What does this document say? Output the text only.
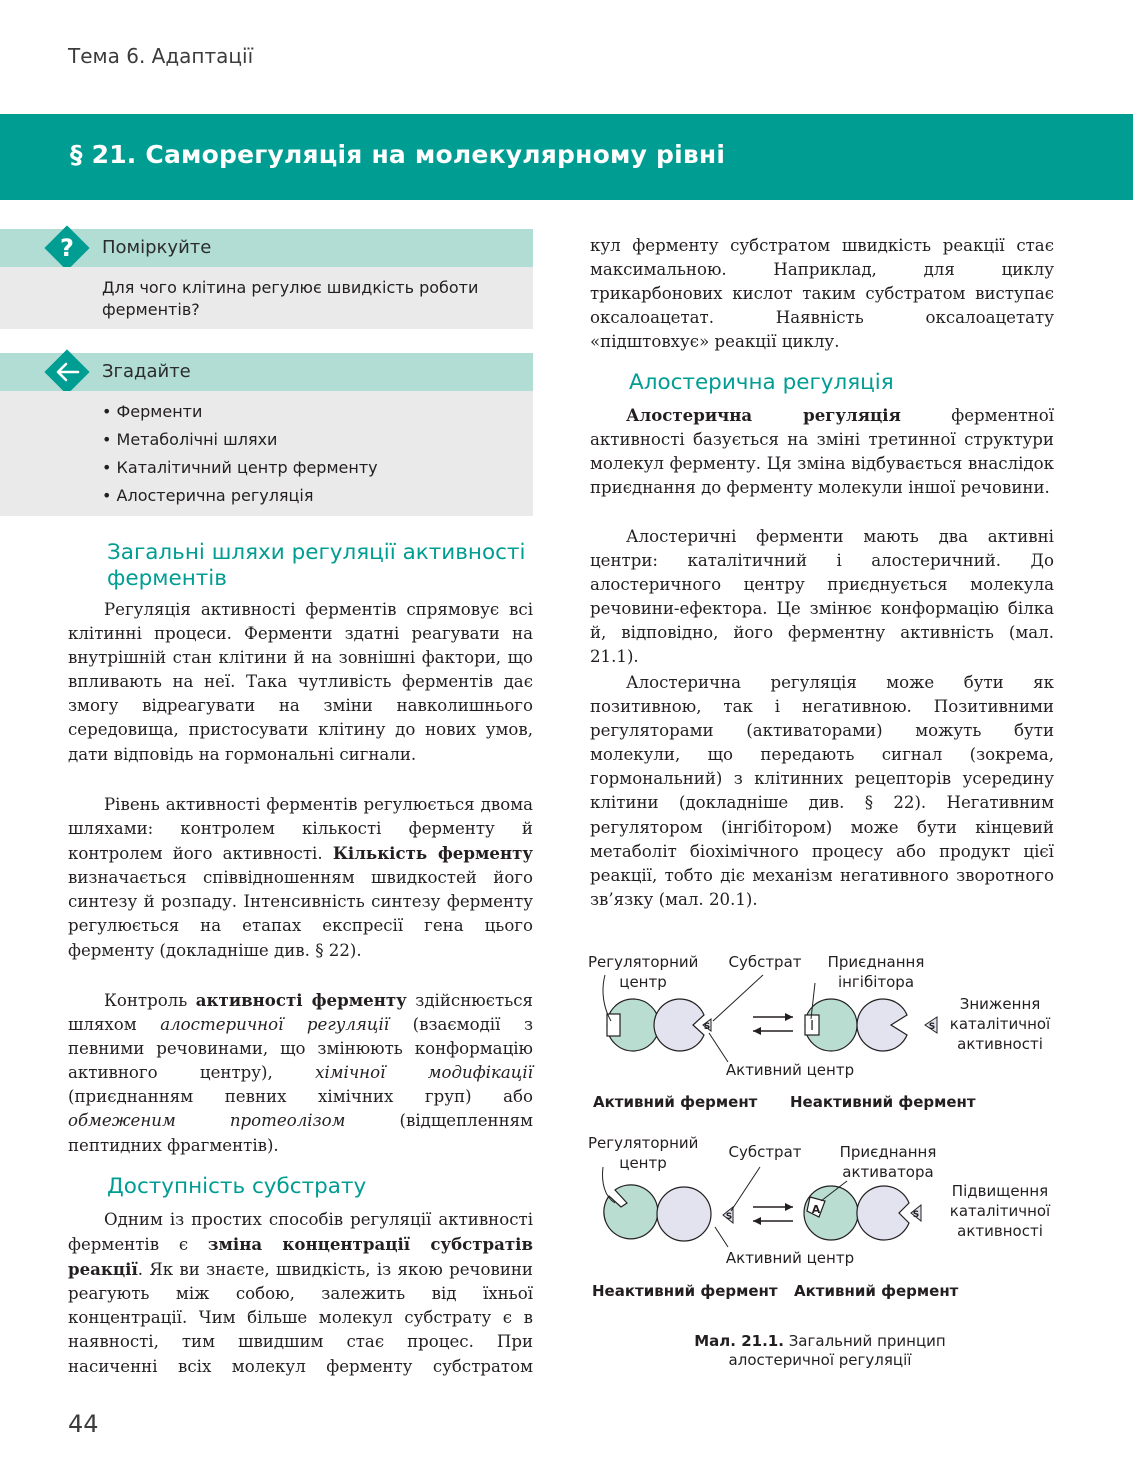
Тема 6. Адаптації
§ 21. Саморегуляція на молекулярному рівні
?	Поміркуйте
Для чого клітина регулює швидкість роботи
ферментів?
Згадайте
• Ферменти
• Метаболічні шляхи
• Каталітичний центр ферменту
• Алостерична регуляція
Загальні шляхи регуляції активності
ферментів

Регуляція активності ферментів спрямовує всі клітинні процеси. Ферменти здатні реагувати на внутрішній стан клітини й на зовнішні фактори, що впливають на неї. Така чутливість ферментів дає змогу відреагувати на зміни навколишнього середовища, пристосувати клітину до нових умов, дати відповідь на гормональні сигнали.

Рівень активності ферментів регулюється двома шляхами: контролем кількості ферменту й контролем його активності. Кількість ферменту визначається співвідношенням швидкостей його синтезу й розпаду. Інтенсивність синтезу ферменту регулюється на етапах експресії гена цього ферменту (докладніше див. § 22).

Контроль активності ферменту здійснюється шляхом алостеричної регуляції (взаємодії з певними речовинами, що змінюють конформацію активного центру), хімічної модифікації (приєднанням певних хімічних груп) або обмеженим протеолізом (відщепленням пептидних фрагментів).

Доступність субстрату

Одним із простих способів регуляції активності ферментів є зміна концентрації субстратів реакції. Як ви знаєте, швидкість, із якою речовини реагують між собою, залежить від їхньої концентрації. Чим більше молекул субстрату є в наявності, тим швидшим стає процес. При насиченні всіх молекул ферменту субстратом

кул ферменту субстратом швидкість реакції стає максимальною. Наприклад, для циклу трикарбонових кислот таким субстратом виступає оксалоацетат. Наявність оксалоацетату «підштовхує» реакції циклу.

Алостерична регуляція

Алостерична регуляція ферментної активності базується на зміні третинної структури молекул ферменту. Ця зміна відбувається внаслідок приєднання до ферменту молекули іншої речовини.

Алостеричні ферменти мають два активні центри: каталітичний і алостеричний. До алостеричного центру приєднується молекула речовини-ефектора. Це змінює конформацію білка й, відповідно, його ферментну активність (мал. 21.1).

Алостерична регуляція може бути як позитивною, так і негативною. Позитивними регуляторами (активаторами) можуть бути молекули, що передають сигнал (зокрема, гормональний) з клітинних рецепторів усередину клітини (докладніше див. § 22). Негативним регулятором (інгібітором) може бути кінцевий метаболіт біохімічного процесу або продукт цієї реакції, тобто діє механізм негативного зворотного зв’язку (мал. 20.1).

S	І	S
S
A	S
Регуляторний
центр
Субстрат	Приєднання
інгібітора
Зниження
каталітичної
активності
Активний центр
Активний фермент Неактивний фермент
Регуляторний
центр
Субстрат	Приєднання
активатора
Підвищення
каталітичної
активності
Активний центр
Неактивний фермент Активний фермент
Мал. 21.1. Загальний принцип
алостеричної регуляції
44
